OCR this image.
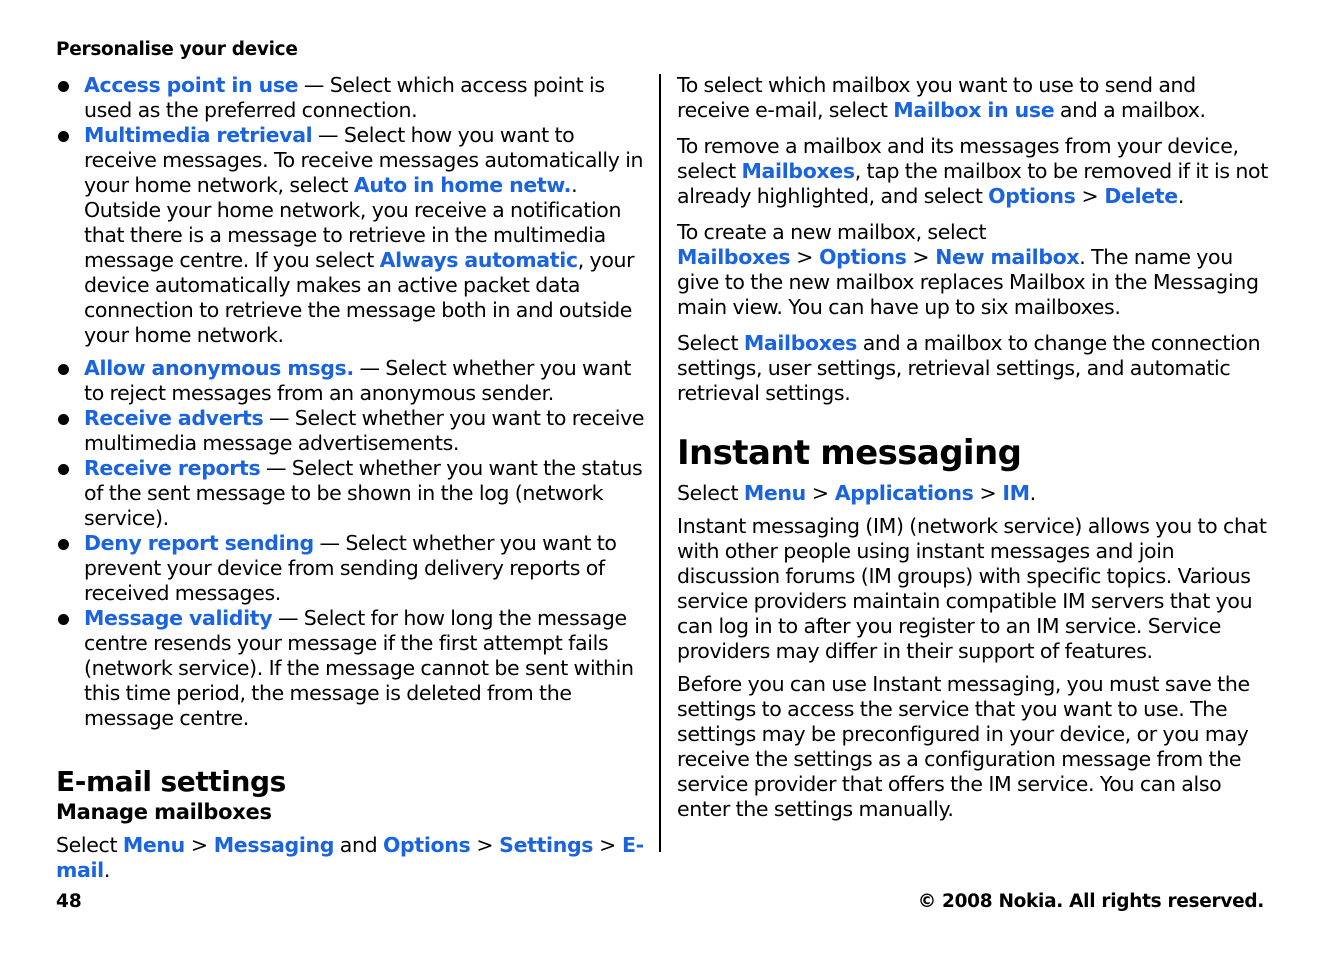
Personalise your device
Access point in use — Select which access point is used as the preferred connection.
Multimedia retrieval — Select how you want to receive messages. To receive messages automatically in your home network, select Auto in home netw.. Outside your home network, you receive a notification that there is a message to retrieve in the multimedia message centre. If you select Always automatic, your device automatically makes an active packet data connection to retrieve the message both in and outside your home network.
Allow anonymous msgs. — Select whether you want to reject messages from an anonymous sender.
Receive adverts — Select whether you want to receive multimedia message advertisements.
Receive reports — Select whether you want the status of the sent message to be shown in the log (network service).
Deny report sending — Select whether you want to prevent your device from sending delivery reports of received messages.
Message validity — Select for how long the message centre resends your message if the first attempt fails (network service). If the message cannot be sent within this time period, the message is deleted from the message centre.
E-mail settings
Manage mailboxes

Select Menu > Messaging and Options > Settings > E-mail.

To select which mailbox you want to use to send and receive e-mail, select Mailbox in use and a mailbox.

To remove a mailbox and its messages from your device, select Mailboxes, tap the mailbox to be removed if it is not already highlighted, and select Options > Delete.

To create a new mailbox, select Mailboxes > Options > New mailbox. The name you give to the new mailbox replaces Mailbox in the Messaging main view. You can have up to six mailboxes.

Select Mailboxes and a mailbox to change the connection settings, user settings, retrieval settings, and automatic retrieval settings.

Instant messaging

Select Menu > Applications > IM.

Instant messaging (IM) (network service) allows you to chat with other people using instant messages and join discussion forums (IM groups) with specific topics. Various service providers maintain compatible IM servers that you can log in to after you register to an IM service. Service providers may differ in their support of features.

Before you can use Instant messaging, you must save the settings to access the service that you want to use. The settings may be preconfigured in your device, or you may receive the settings as a configuration message from the service provider that offers the IM service. You can also enter the settings manually.

48	© 2008 Nokia. All rights reserved.
